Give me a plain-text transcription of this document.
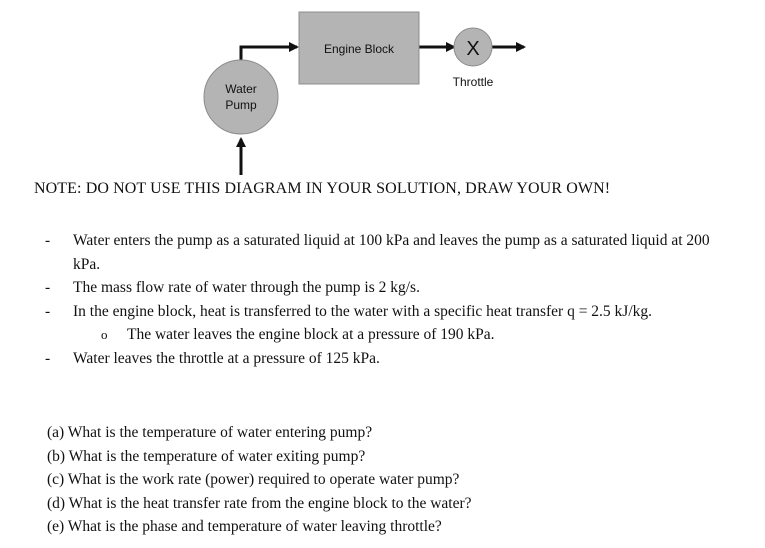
Engine Block	X
Throttle
Water
Pump
NOTE: DO NOT USE THIS DIAGRAM IN YOUR SOLUTION, DRAW YOUR OWN!
- Water enters the pump as a saturated liquid at 100 kPa and leaves the pump as a saturated liquid at 200 kPa.
- The mass flow rate of water through the pump is 2 kg/s.
- In the engine block, heat is transferred to the water with a specific heat transfer q = 2.5 kJ/kg.
o The water leaves the engine block at a pressure of 190 kPa.
- Water leaves the throttle at a pressure of 125 kPa.
(a) What is the temperature of water entering pump?
(b) What is the temperature of water exiting pump?
(c) What is the work rate (power) required to operate water pump?
(d) What is the heat transfer rate from the engine block to the water?
(e) What is the phase and temperature of water leaving throttle?
